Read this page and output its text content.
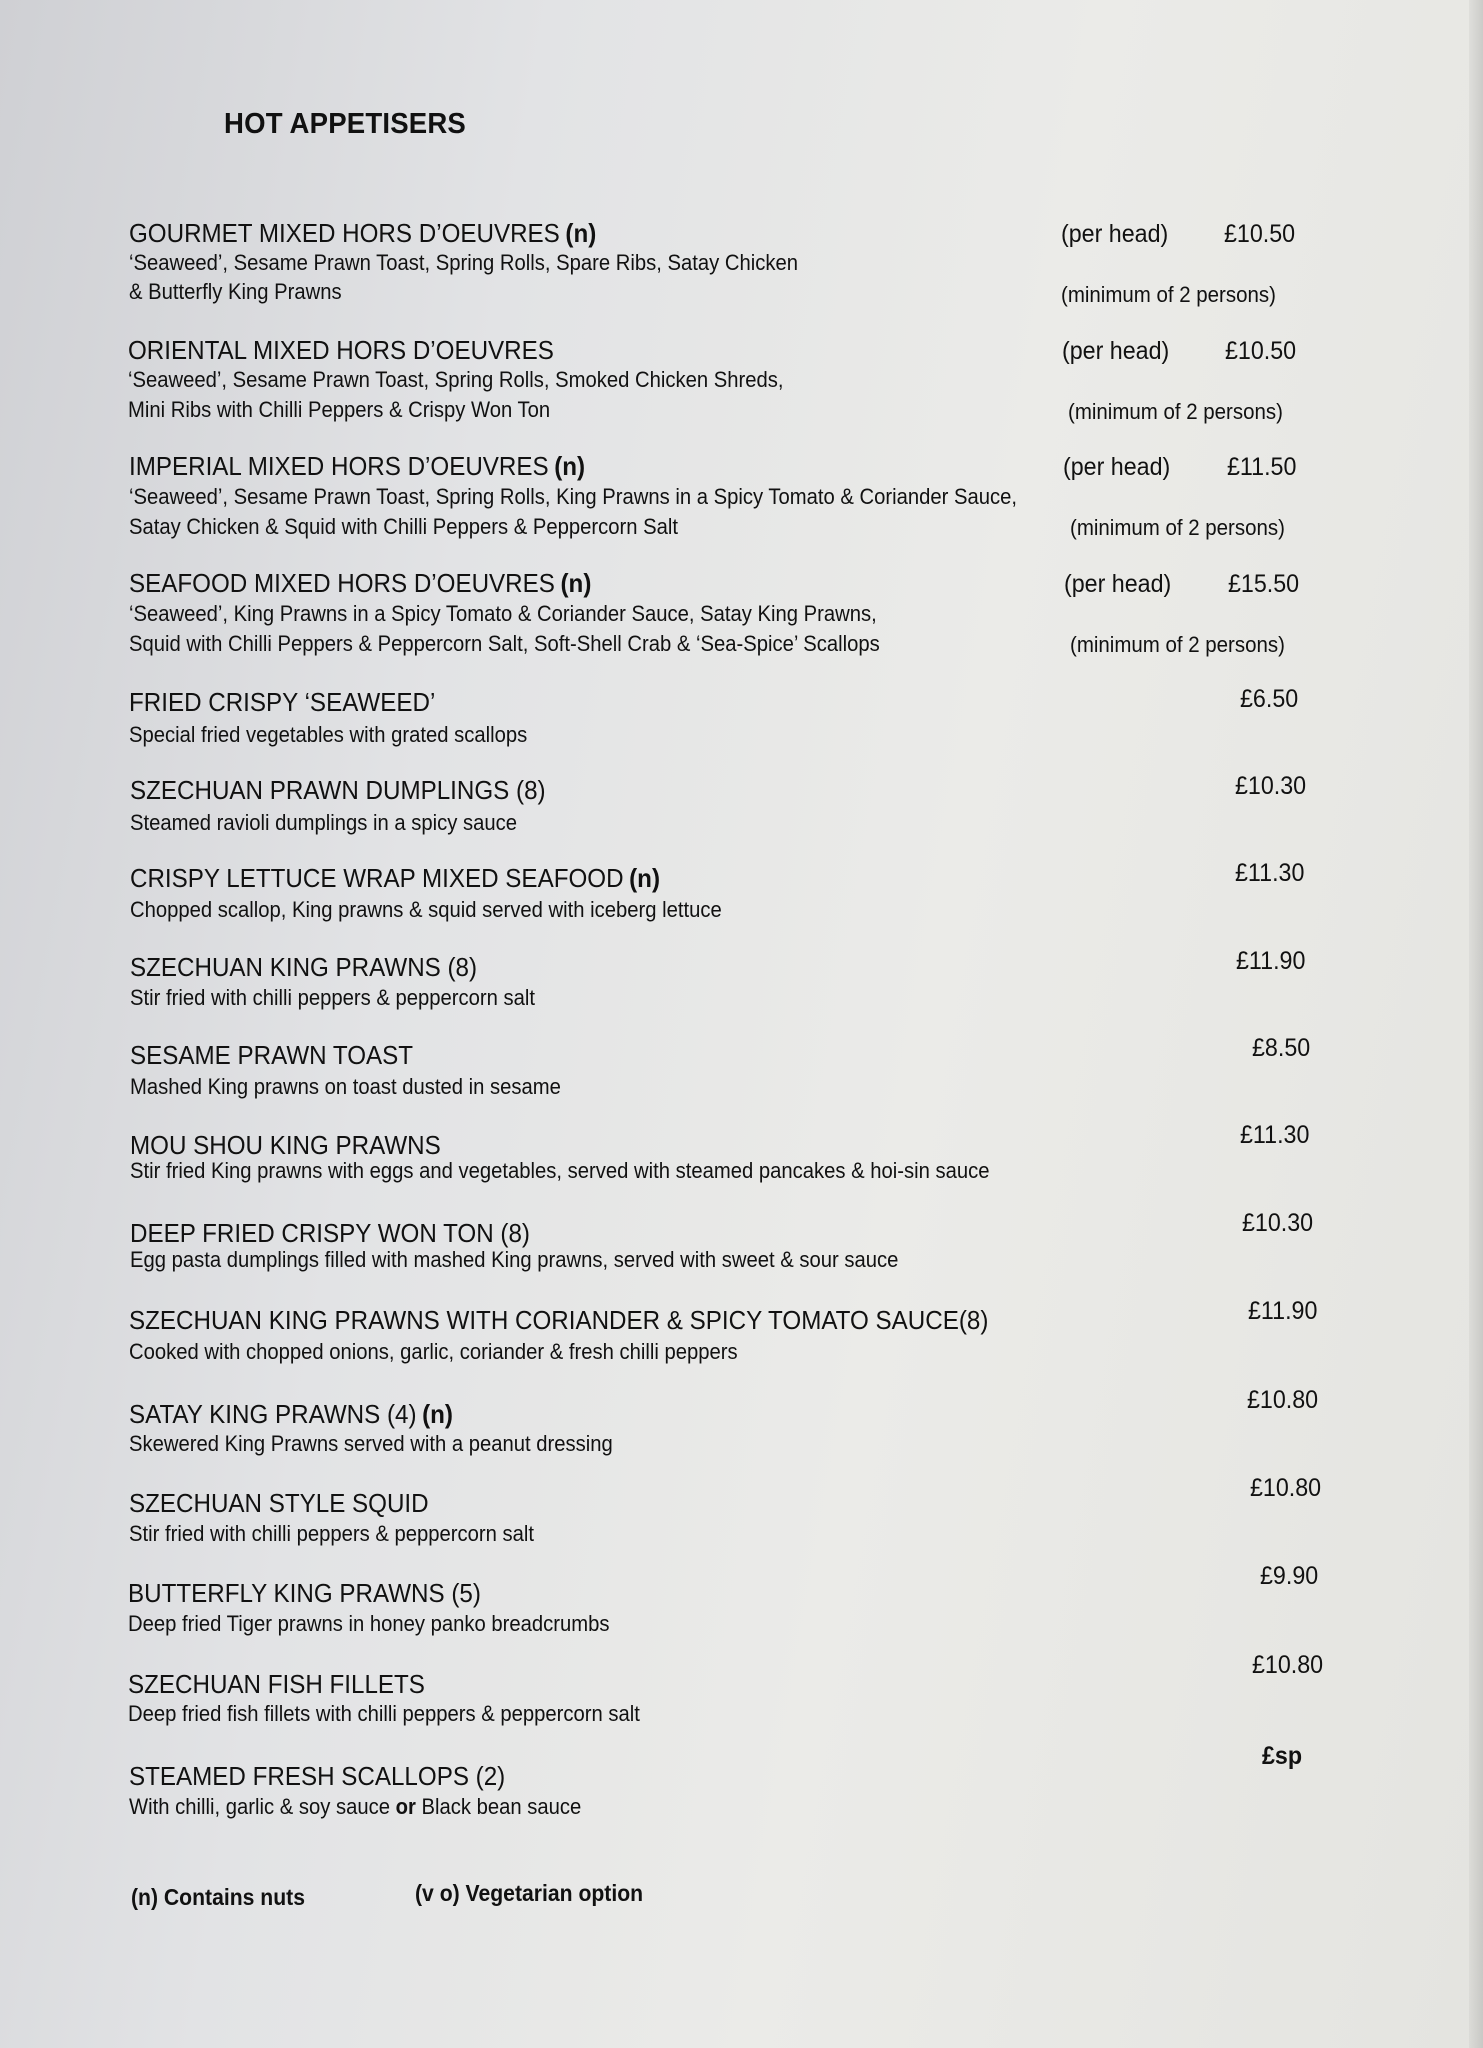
HOT APPETISERS
GOURMET MIXED HORS D’OEUVRES (n)
‘Seaweed’, Sesame Prawn Toast, Spring Rolls, Spare Ribs, Satay Chicken
& Butterfly King Prawns
(per head) £10.50
(minimum of 2 persons)
ORIENTAL MIXED HORS D’OEUVRES
‘Seaweed’, Sesame Prawn Toast, Spring Rolls, Smoked Chicken Shreds,
Mini Ribs with Chilli Peppers & Crispy Won Ton
(per head) £10.50
(minimum of 2 persons)
IMPERIAL MIXED HORS D’OEUVRES (n)
‘Seaweed’, Sesame Prawn Toast, Spring Rolls, King Prawns in a Spicy Tomato & Coriander Sauce,
Satay Chicken & Squid with Chilli Peppers & Peppercorn Salt
(per head) £11.50
(minimum of 2 persons)
SEAFOOD MIXED HORS D’OEUVRES (n)
‘Seaweed’, King Prawns in a Spicy Tomato & Coriander Sauce, Satay King Prawns,
Squid with Chilli Peppers & Peppercorn Salt, Soft-Shell Crab & ‘Sea-Spice’ Scallops
(per head) £15.50
(minimum of 2 persons)
FRIED CRISPY ‘SEAWEED’
Special fried vegetables with grated scallops
£6.50
SZECHUAN PRAWN DUMPLINGS (8)
Steamed ravioli dumplings in a spicy sauce
£10.30
CRISPY LETTUCE WRAP MIXED SEAFOOD (n)
Chopped scallop, King prawns & squid served with iceberg lettuce
£11.30
SZECHUAN KING PRAWNS (8)
Stir fried with chilli peppers & peppercorn salt
£11.90
SESAME PRAWN TOAST
Mashed King prawns on toast dusted in sesame
£8.50
MOU SHOU KING PRAWNS
Stir fried King prawns with eggs and vegetables, served with steamed pancakes & hoi-sin sauce
£11.30
DEEP FRIED CRISPY WON TON (8)
Egg pasta dumplings filled with mashed King prawns, served with sweet & sour sauce
£10.30
SZECHUAN KING PRAWNS WITH CORIANDER & SPICY TOMATO SAUCE(8)
Cooked with chopped onions, garlic, coriander & fresh chilli peppers
£11.90
SATAY KING PRAWNS (4) (n)
Skewered King Prawns served with a peanut dressing
£10.80
SZECHUAN STYLE SQUID
Stir fried with chilli peppers & peppercorn salt
£10.80
BUTTERFLY KING PRAWNS (5)
Deep fried Tiger prawns in honey panko breadcrumbs
£9.90
SZECHUAN FISH FILLETS
Deep fried fish fillets with chilli peppers & peppercorn salt
£10.80
STEAMED FRESH SCALLOPS (2)
With chilli, garlic & soy sauce or Black bean sauce
£sp
(n) Contains nuts	(v o) Vegetarian option
